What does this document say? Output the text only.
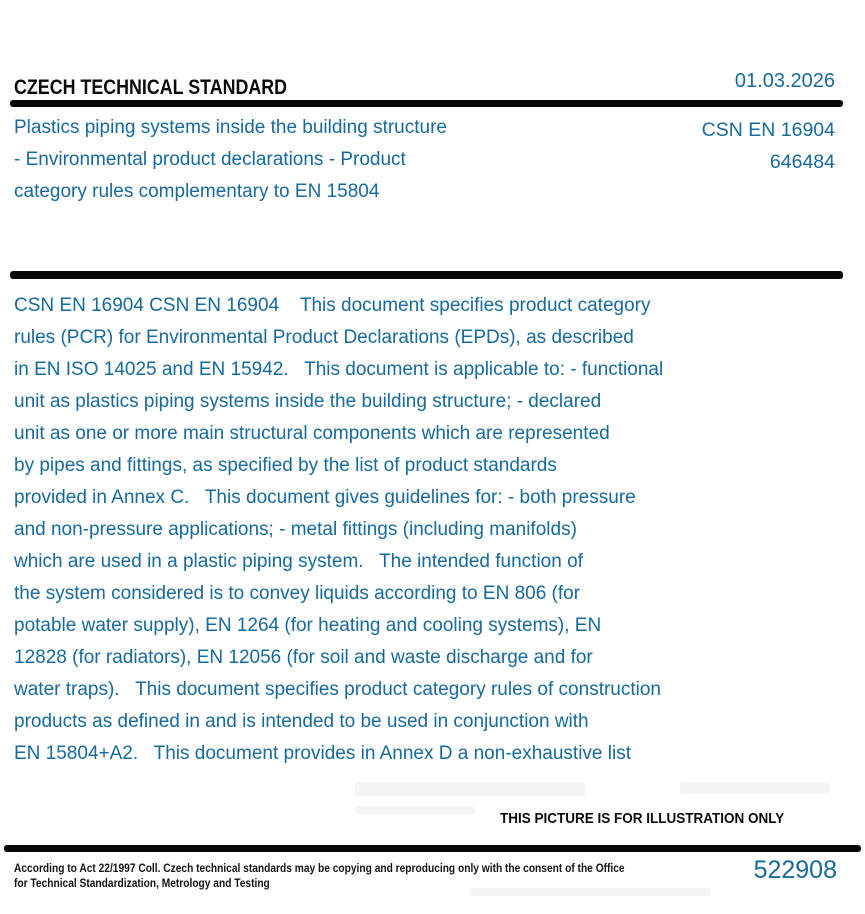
CZECH TECHNICAL STANDARD	01.03.2026
Plastics piping systems inside the building structure
- Environmental product declarations - Product
category rules complementary to EN 15804
CSN EN 16904
646484
CSN EN 16904 CSN EN 16904    This document specifies product category
rules (PCR) for Environmental Product Declarations (EPDs), as described
in EN ISO 14025 and EN 15942.   This document is applicable to: - functional
unit as plastics piping systems inside the building structure; - declared
unit as one or more main structural components which are represented
by pipes and fittings, as specified by the list of product standards
provided in Annex C.   This document gives guidelines for: - both pressure
and non-pressure applications; - metal fittings (including manifolds)
which are used in a plastic piping system.   The intended function of
the system considered is to convey liquids according to EN 806 (for
potable water supply), EN 1264 (for heating and cooling systems), EN
12828 (for radiators), EN 12056 (for soil and waste discharge and for
water traps).   This document specifies product category rules of construction
products as defined in and is intended to be used in conjunction with
EN 15804+A2.   This document provides in Annex D a non-exhaustive list
THIS PICTURE IS FOR ILLUSTRATION ONLY
According to Act 22/1997 Coll. Czech technical standards may be copying and reproducing only with the consent of the Office
for Technical Standardization, Metrology and Testing	522908
